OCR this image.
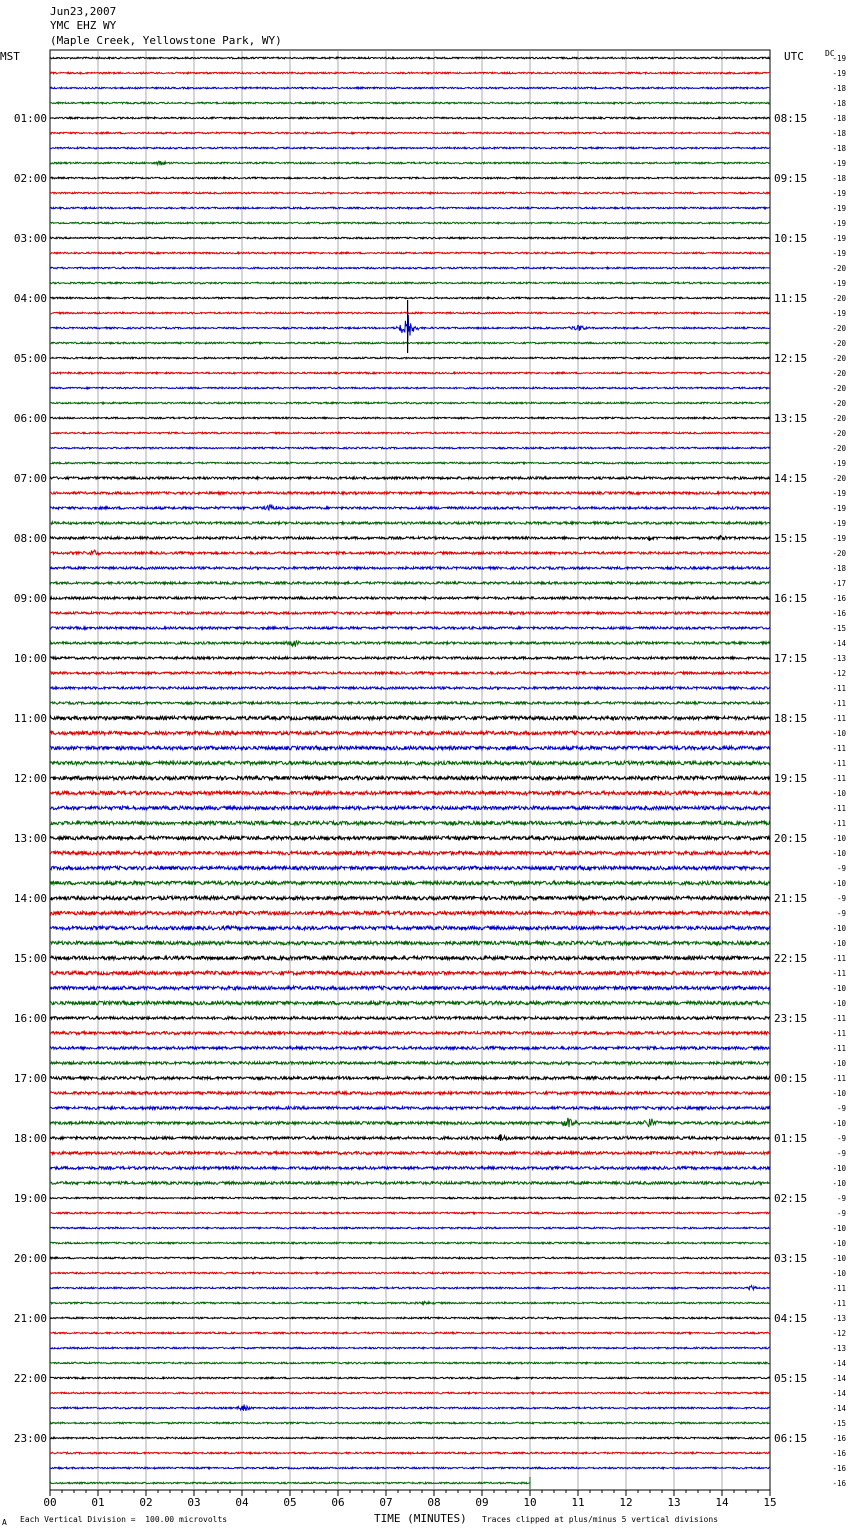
-19
-19
-18
-18
-18
-18
-18
-19
-18
-19
-19
-19
-19
-19
-20
-19
-20
-19
-20
-20
-20
-20
-20
-20
-20
-20
-20
-19
-20
-19
-19
-19
-19
-20
-18
-17
-16
-16
-15
-14
-13
-12
-11
-11
-11
-10
-11
-11
-11
-10
-11
-11
-10
-10
-9
-10
-9
-9
-10
-10
-11
-11
-10
-10
-11
-11
-11
-10
-11
-10
-9
-10
-9
-9
-10
-10
-9
-9
-10
-10
-10
-10
-11
-11
-13
-12
-13
-14
-14
-14
-14
-15
-16
-16
-16
-16
01:00
02:00
03:00
04:00
05:00
06:00
07:00
08:00
09:00
10:00
11:00
12:00
13:00
14:00
15:00
16:00
17:00
18:00
19:00
20:00
21:00
22:00
23:00
08:15
09:15
10:15
11:15
12:15
13:15
14:15
15:15
16:15
17:15
18:15
19:15
20:15
21:15
22:15
23:15
00:15
01:15
02:15
03:15
04:15
05:15
06:15
00	01	02	03	04	05	06	07	08	09	10	11	12	13	14	15
Jun23,2007
YMC EHZ WY
(Maple Creek, Yellowstone Park, WY)
MST	UTC	DC
A Each Vertical Division =  100.00 microvolts	TIME (MINUTES) Traces clipped at plus/minus 5 vertical divisions
